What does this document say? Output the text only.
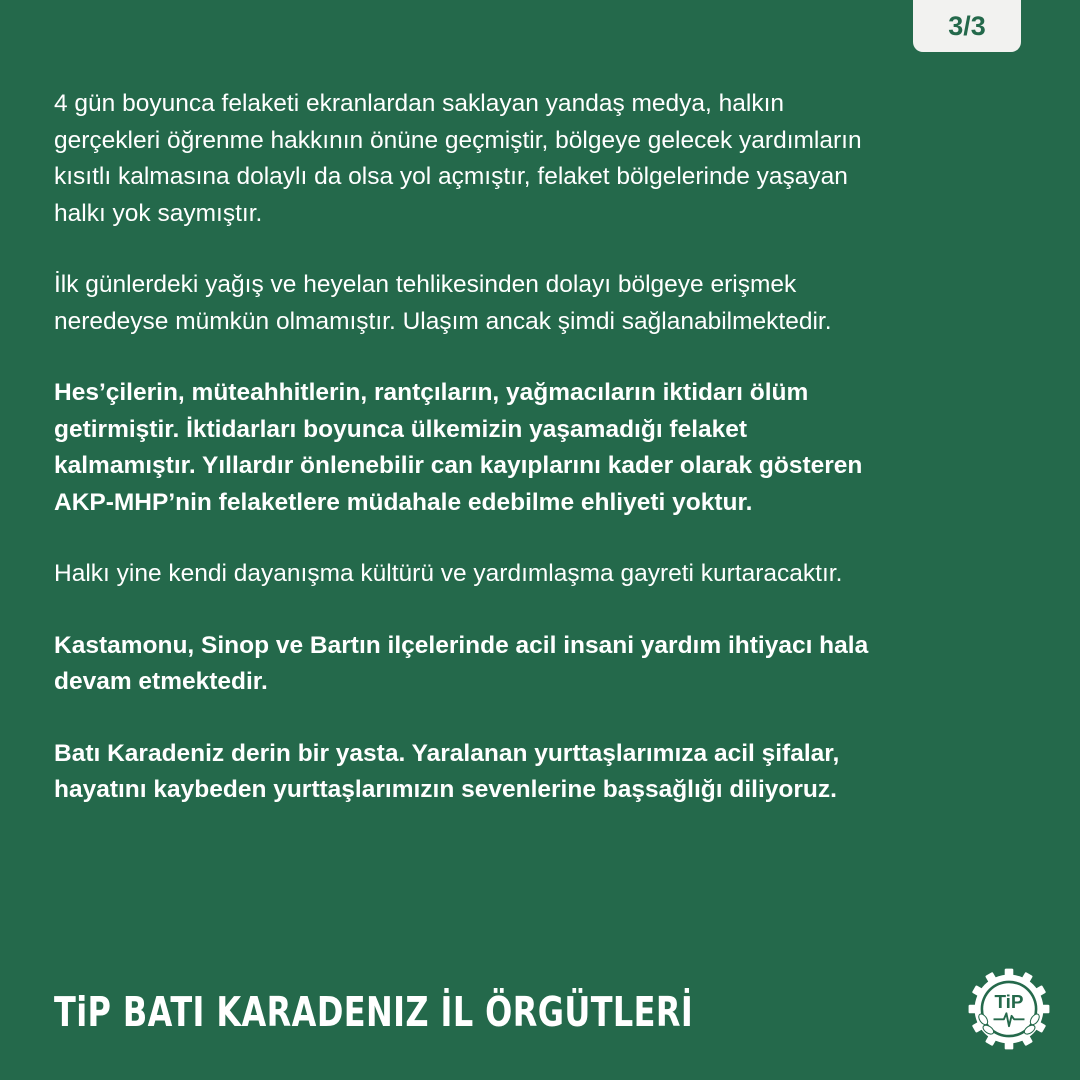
3/3

4 gün boyunca felaketi ekranlardan saklayan yandaş medya, halkın
gerçekleri öğrenme hakkının önüne geçmiştir, bölgeye gelecek yardımların
kısıtlı kalmasına dolaylı da olsa yol açmıştır, felaket bölgelerinde yaşayan
halkı yok saymıştır.

İlk günlerdeki yağış ve heyelan tehlikesinden dolayı bölgeye erişmek
neredeyse mümkün olmamıştır. Ulaşım ancak şimdi sağlanabilmektedir.

Hes’çilerin, müteahhitlerin, rantçıların, yağmacıların iktidarı ölüm
getirmiştir. İktidarları boyunca ülkemizin yaşamadığı felaket
kalmamıştır. Yıllardır önlenebilir can kayıplarını kader olarak gösteren
AKP-MHP’nin felaketlere müdahale edebilme ehliyeti yoktur.

Halkı yine kendi dayanışma kültürü ve yardımlaşma gayreti kurtaracaktır.

Kastamonu, Sinop ve Bartın ilçelerinde acil insani yardım ihtiyacı hala
devam etmektedir.

Batı Karadeniz derin bir yasta. Yaralanan yurttaşlarımıza acil şifalar,
hayatını kaybeden yurttaşlarımızın sevenlerine başsağlığı diliyoruz.

TiP BATI KARADENIZ İL ÖRGÜTLERİ	TiP
